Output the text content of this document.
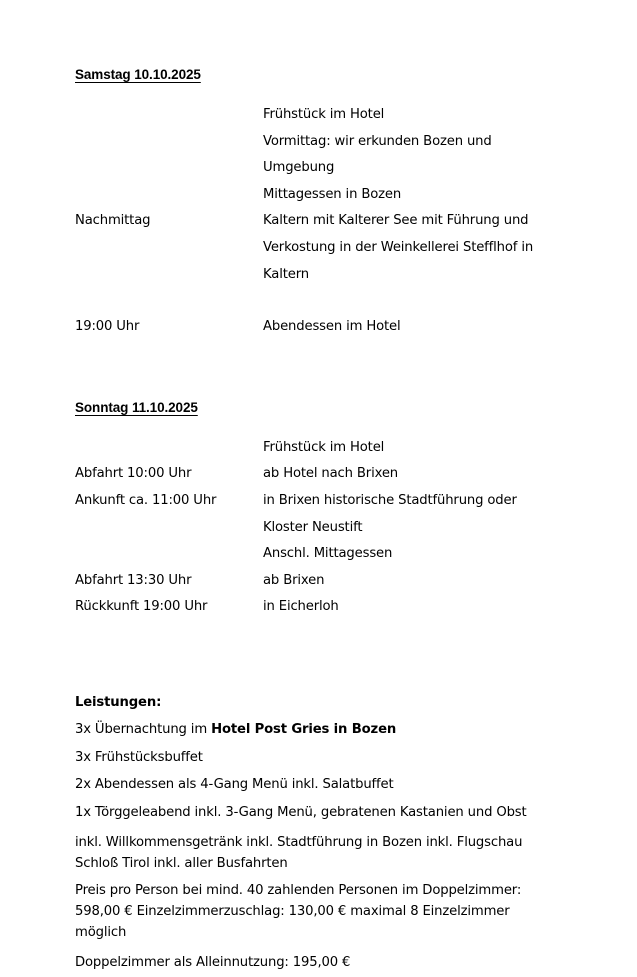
Samstag 10.10.2025
	Frühstück im Hotel
	Vormittag: wir erkunden Bozen und Umgebung
	Mittagessen in Bozen
Nachmittag	Kaltern mit Kalterer See mit Führung und Verkostung in der Weinkellerei Stefflhof in Kaltern

19:00 Uhr	Abendessen im Hotel
Sonntag 11.10.2025
	Frühstück im Hotel
Abfahrt 10:00 Uhr	ab Hotel nach Brixen
Ankunft ca. 11:00 Uhr	in Brixen historische Stadtführung oder Kloster Neustift
	Anschl. Mittagessen
Abfahrt 13:30 Uhr	ab Brixen
Rückkunft 19:00 Uhr	in Eicherloh
Leistungen:
3x Übernachtung im Hotel Post Gries in Bozen
3x Frühstücksbuffet
2x Abendessen als 4-Gang Menü inkl. Salatbuffet
1x Törggeleabend inkl. 3-Gang Menü, gebratenen Kastanien und Obst
inkl. Willkommensgetränk inkl. Stadtführung in Bozen inkl. Flugschau Schloß Tirol inkl. aller Busfahrten
Preis pro Person bei mind. 40 zahlenden Personen im Doppelzimmer: 598,00 € Einzelzimmerzuschlag: 130,00 € maximal 8 Einzelzimmer möglich
Doppelzimmer als Alleinnutzung: 195,00 €
